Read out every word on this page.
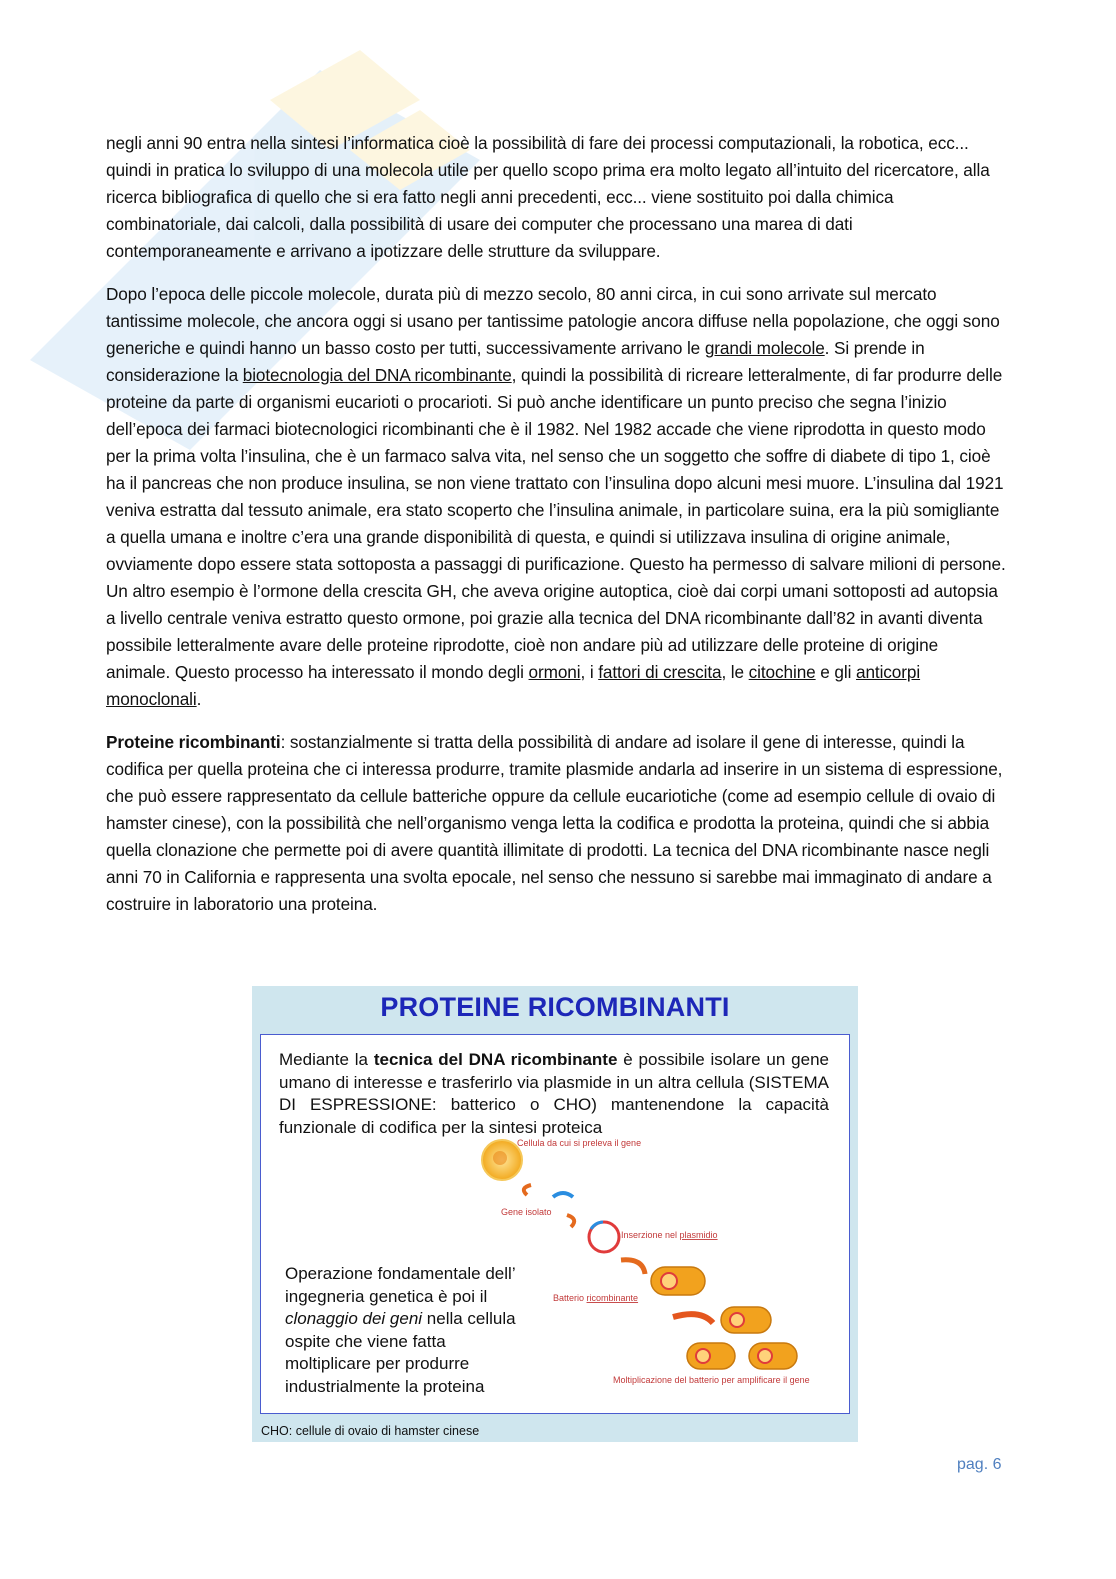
negli anni 90 entra nella sintesi l’informatica cioè la possibilità di fare dei processi computazionali, la robotica, ecc... quindi in pratica lo sviluppo di una molecola utile per quello scopo prima era molto legato all’intuito del ricercatore, alla ricerca bibliografica di quello che si era fatto negli anni precedenti, ecc... viene sostituito poi dalla chimica combinatoriale, dai calcoli, dalla possibilità di usare dei computer che processano una marea di dati contemporaneamente e arrivano a ipotizzare delle strutture da sviluppare.

Dopo l’epoca delle piccole molecole, durata più di mezzo secolo, 80 anni circa, in cui sono arrivate sul mercato tantissime molecole, che ancora oggi si usano per tantissime patologie ancora diffuse nella popolazione, che oggi sono generiche e quindi hanno un basso costo per tutti, successivamente arrivano le grandi molecole. Si prende in considerazione la biotecnologia del DNA ricombinante, quindi la possibilità di ricreare letteralmente, di far produrre delle proteine da parte di organismi eucarioti o procarioti. Si può anche identificare un punto preciso che segna l’inizio dell’epoca dei farmaci biotecnologici ricombinanti che è il 1982. Nel 1982 accade che viene riprodotta in questo modo per la prima volta l’insulina, che è un farmaco salva vita, nel senso che un soggetto che soffre di diabete di tipo 1, cioè ha il pancreas che non produce insulina, se non viene trattato con l’insulina dopo alcuni mesi muore. L’insulina dal 1921 veniva estratta dal tessuto animale, era stato scoperto che l’insulina animale, in particolare suina, era la più somigliante a quella umana e inoltre c’era una grande disponibilità di questa, e quindi si utilizzava insulina di origine animale, ovviamente dopo essere stata sottoposta a passaggi di purificazione. Questo ha permesso di salvare milioni di persone. Un altro esempio è l’ormone della crescita GH, che aveva origine autoptica, cioè dai corpi umani sottoposti ad autopsia a livello centrale veniva estratto questo ormone, poi grazie alla tecnica del DNA ricombinante dall’82 in avanti diventa possibile letteralmente avare delle proteine riprodotte, cioè non andare più ad utilizzare delle proteine di origine animale. Questo processo ha interessato il mondo degli ormoni, i fattori di crescita, le citochine e gli anticorpi monoclonali.

Proteine ricombinanti: sostanzialmente si tratta della possibilità di andare ad isolare il gene di interesse, quindi la codifica per quella proteina che ci interessa produrre, tramite plasmide andarla ad inserire in un sistema di espressione, che può essere rappresentato da cellule batteriche oppure da cellule eucariotiche (come ad esempio cellule di ovaio di hamster cinese), con la possibilità che nell’organismo venga letta la codifica e prodotta la proteina, quindi che si abbia quella clonazione che permette poi di avere quantità illimitate di prodotti. La tecnica del DNA ricombinante nasce negli anni 70 in California e rappresenta una svolta epocale, nel senso che nessuno si sarebbe mai immaginato di andare a costruire in laboratorio una proteina.

PROTEINE RICOMBINANTI
Cellula da cui si preleva il gene
Gene isolato
Inserzione nel plasmidio
Batterio ricombinante
Moltiplicazione del batterio per amplificare il gene
Mediante la tecnica del DNA ricombinante è possibile isolare un gene umano di interesse e trasferirlo via plasmide in un altra cellula (SISTEMA DI ESPRESSIONE: batterico o CHO) mantenendone la capacità funzionale di codifica per la sintesi proteica
Operazione fondamentale dell’ ingegneria genetica è poi il clonaggio dei geni nella cellula ospite che viene fatta moltiplicare per produrre industrialmente la proteina
CHO: cellule di ovaio di hamster cinese
pag. 6
